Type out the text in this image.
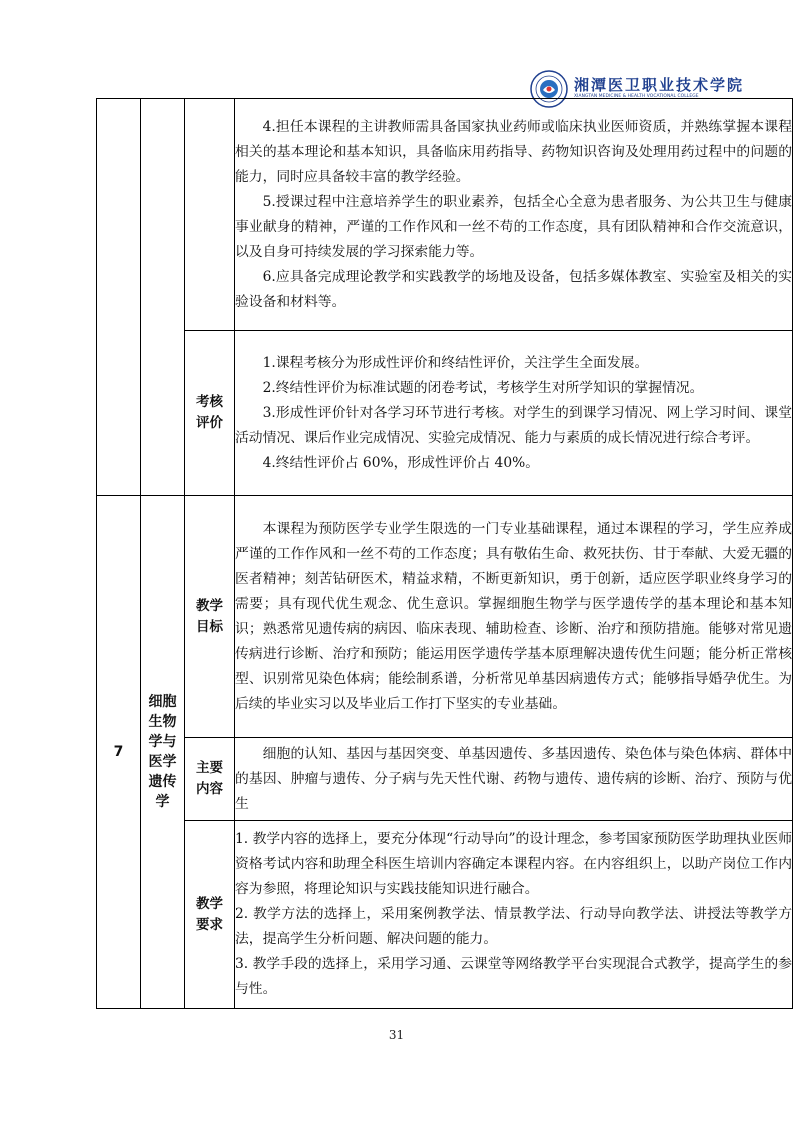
湘潭医卫职业技术学院
XIANGTAN MEDICINE & HEALTH VOCATIONAL COLLEGE

			4.担任本课程的主讲教师需具备国家执业药师或临床执业医师资质，并熟练掌握本课程相关的基本理论和基本知识，具备临床用药指导、药物知识咨询及处理用药过程中的问题的能力，同时应具备较丰富的教学经验。
5.授课过程中注意培养学生的职业素养，包括全心全意为患者服务、为公共卫生与健康事业献身的精神，严谨的工作作风和一丝不苟的工作态度，具有团队精神和合作交流意识，以及自身可持续发展的学习探索能力等。
6.应具备完成理论教学和实践教学的场地及设备，包括多媒体教室、实验室及相关的实验设备和材料等。

		考核评价	1.课程考核分为形成性评价和终结性评价，关注学生全面发展。
2.终结性评价为标准试题的闭卷考试，考核学生对所学知识的掌握情况。
3.形成性评价针对各学习环节进行考核。对学生的到课学习情况、网上学习时间、课堂活动情况、课后作业完成情况、实验完成情况、能力与素质的成长情况进行综合考评。
4.终结性评价占 60%，形成性评价占 40%。

7	细胞生物学与医学遗传学	教学目标	本课程为预防医学专业学生限选的一门专业基础课程，通过本课程的学习，学生应养成严谨的工作作风和一丝不苟的工作态度；具有敬佑生命、救死扶伤、甘于奉献、大爱无疆的医者精神；刻苦钻研医术，精益求精，不断更新知识，勇于创新，适应医学职业终身学习的需要；具有现代优生观念、优生意识。掌握细胞生物学与医学遗传学的基本理论和基本知识；熟悉常见遗传病的病因、临床表现、辅助检查、诊断、治疗和预防措施。能够对常见遗传病进行诊断、治疗和预防；能运用医学遗传学基本原理解决遗传优生问题；能分析正常核型、识别常见染色体病；能绘制系谱，分析常见单基因病遗传方式；能够指导婚孕优生。为后续的毕业实习以及毕业后工作打下坚实的专业基础。

		主要内容	细胞的认知、基因与基因突变、单基因遗传、多基因遗传、染色体与染色体病、群体中的基因、肿瘤与遗传、分子病与先天性代谢、药物与遗传、遗传病的诊断、治疗、预防与优生

		教学要求	1. 教学内容的选择上，要充分体现“行动导向”的设计理念，参考国家预防医学助理执业医师资格考试内容和助理全科医生培训内容确定本课程内容。在内容组织上，以助产岗位工作内容为参照，将理论知识与实践技能知识进行融合。
2. 教学方法的选择上，采用案例教学法、情景教学法、行动导向教学法、讲授法等教学方法，提高学生分析问题、解决问题的能力。
3. 教学手段的选择上，采用学习通、云课堂等网络教学平台实现混合式教学，提高学生的参与性。
31
